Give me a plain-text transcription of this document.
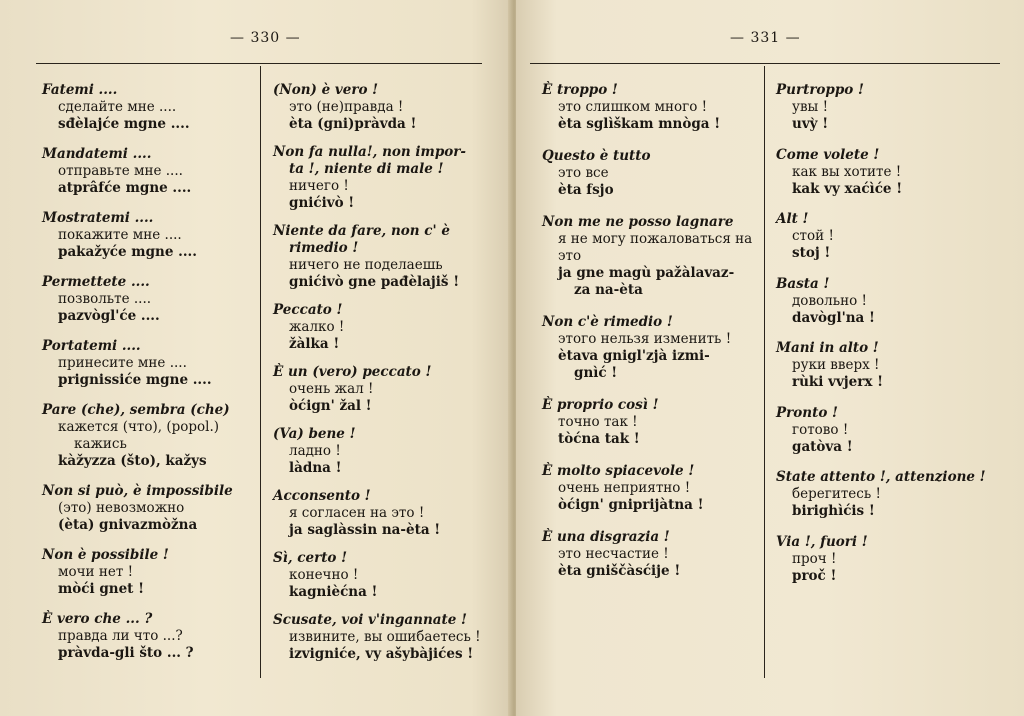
— 330 —
Fatemi ....
сделайте мне ....
sđèlajće mgne ....
Mandatemi ....
отправьте мне ....
atprâfće mgne ....
Mostratemi ....
покажите мне ....
pakažyće mgne ....
Permettete ....
позвольте ....
pazvògl'će ....
Portatemi ....
принесите мне ....
prignissiće mgne ....
Pare (che), sembra (che)
кажется (что), (popol.)
кажись
kàžyzza (što), kažys
Non si può, è impossibile
(это) невозможно
(èta) gnivazmòžna
Non è possibile !
мочи нет !
mòći gnet !
È vero che ... ?
правда ли что ...?
pràvda-gli što ... ?
(Non) è vero !
это (не)правда !
èta (gni)pràvda !
Non fa nulla!, non impor-
ta !, niente di male !
ничего !
gnićivò !
Niente da fare, non c' è
rimedio !
ничего не поделаешь
gnićivò gne pađèlajiš !
Peccato !
жалко !
žàlka !
È un (vero) peccato !
очень жал !
òćign' žal !
(Va) bene !
ладно !
làdna !
Acconsento !
я согласен на это !
ja saglàssin na-èta !
Sì, certo !
конечно !
kagnièćna !
Scusate, voi v'ingannate !
извините, вы ошибаетесь !
izvigniće, vy ašybàjićes !
— 331 —
È troppo !
это слишком много !
èta sglìškam mnòga !
Questo è tutto
это все
èta fsjo
Non me ne posso lagnare
я не могу пожаловаться на
это
ja gne magù pažàlavaz-
za na-èta
Non c'è rimedio !
этого нельзя изменить !
ètava gnigl'zjà izmi-
gnìć !
È proprio così !
точно так !
tòćna tak !
È molto spiacevole !
очень неприятно !
òćign' gniprijàtna !
È una disgrazia !
это несчастие !
èta gniščàsćije !
Purtroppo !
увы !
uvỳ !
Come volete !
как вы хотите !
kak vy xaćìće !
Alt !
стой !
stoj !
Basta !
довольно !
davògl'na !
Mani in alto !
руки вверх !
rùki vvjerx !
Pronto !
готово !
gatòva !
State attento !, attenzione !
берегитесь !
birighìćis !
Via !, fuori !
проч !
proč !
